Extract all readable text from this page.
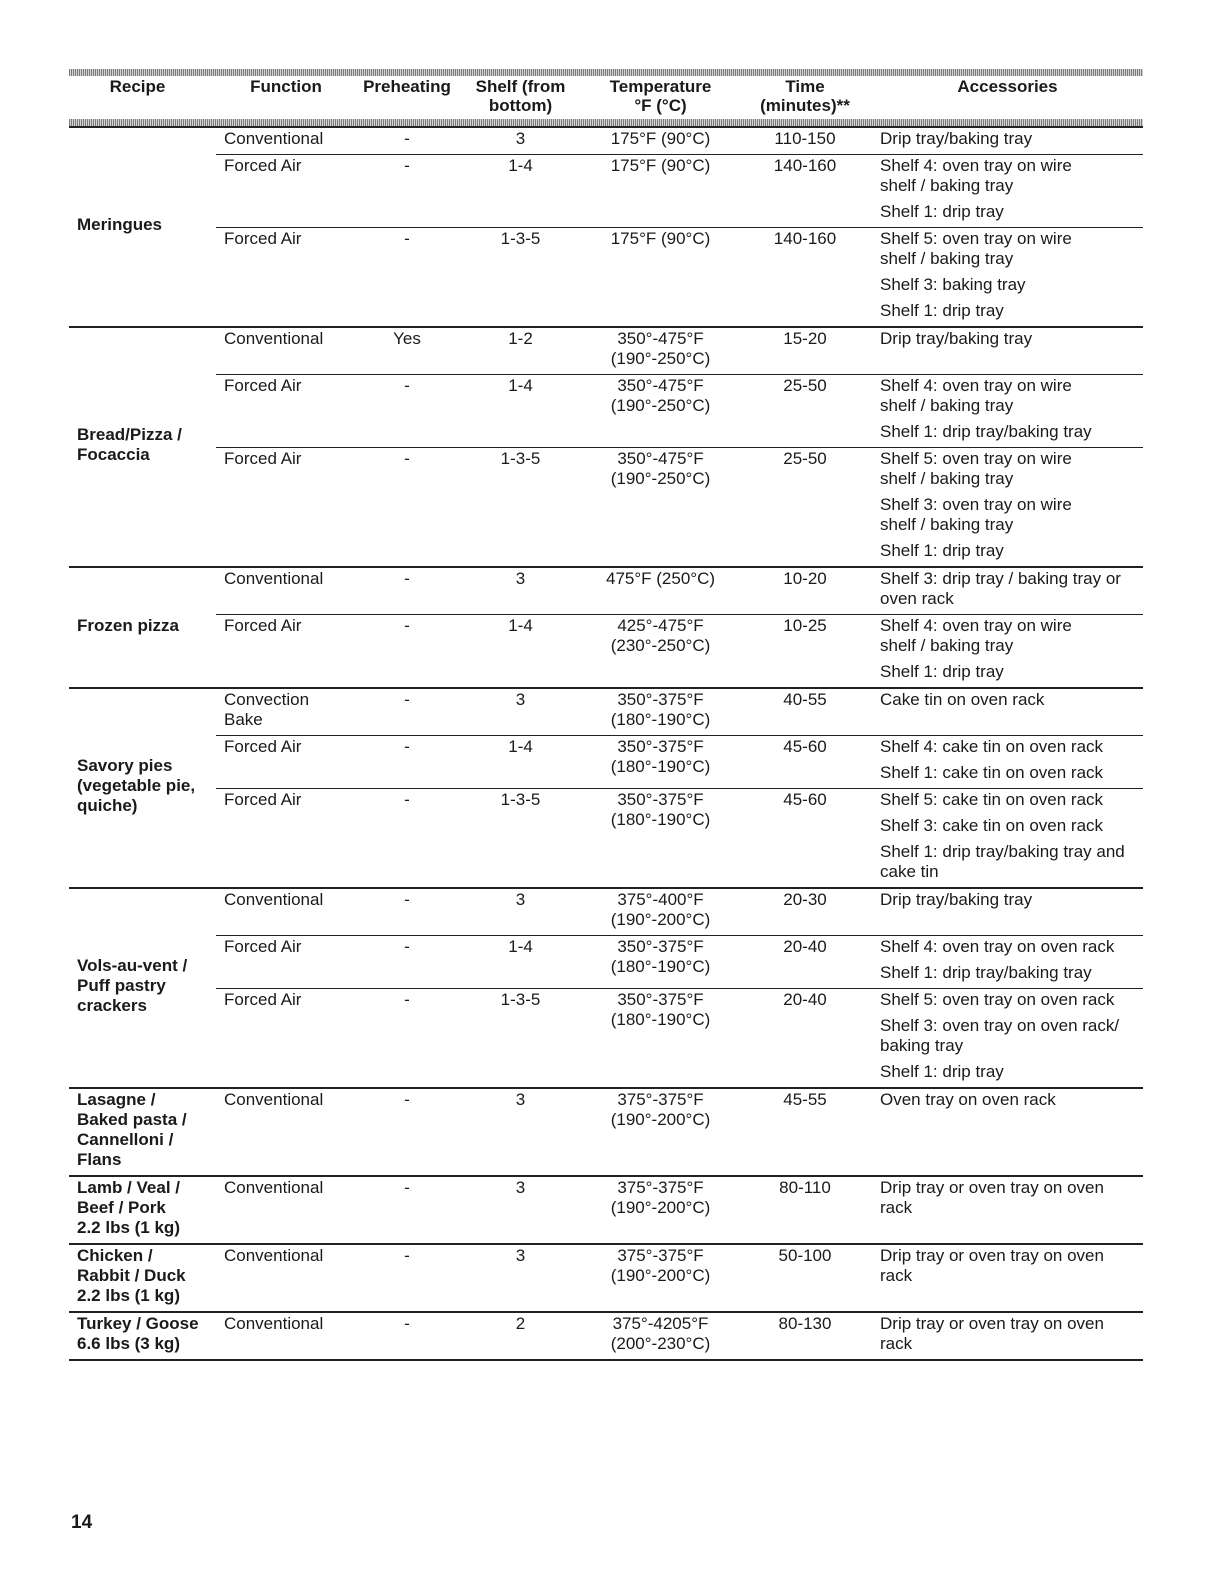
Recipe	Function	Preheating	Shelf (from
bottom)	Temperature
°F (°C)	Time
(minutes)**	Accessories

Meringues	Conventional	-	3	175°F (90°C)	110-150	Drip tray/baking tray

	Forced Air	-	1-4	175°F (90°C)	140-160	Shelf 4: oven tray on wire
shelf / baking tray
Shelf 1: drip tray

	Forced Air	-	1-3-5	175°F (90°C)	140-160	Shelf 5: oven tray on wire
shelf / baking tray
Shelf 3: baking tray
Shelf 1: drip tray

Bread/Pizza /
Focaccia	Conventional	Yes	1-2	350°-475°F
(190°-250°C)	15-20	Drip tray/baking tray

	Forced Air	-	1-4	350°-475°F
(190°-250°C)	25-50	Shelf 4: oven tray on wire
shelf / baking tray
Shelf 1: drip tray/baking tray

	Forced Air	-	1-3-5	350°-475°F
(190°-250°C)	25-50	Shelf 5: oven tray on wire
shelf / baking tray
Shelf 3: oven tray on wire
shelf / baking tray
Shelf 1: drip tray

Frozen pizza	Conventional	-	3	475°F (250°C)	10-20	Shelf 3: drip tray / baking tray or
oven rack

	Forced Air	-	1-4	425°-475°F
(230°-250°C)	10-25	Shelf 4: oven tray on wire
shelf / baking tray
Shelf 1: drip tray

Savory pies
(vegetable pie,
quiche)	Convection
Bake	-	3	350°-375°F
(180°-190°C)	40-55	Cake tin on oven rack

	Forced Air	-	1-4	350°-375°F
(180°-190°C)	45-60	Shelf 4: cake tin on oven rack
Shelf 1: cake tin on oven rack

	Forced Air	-	1-3-5	350°-375°F
(180°-190°C)	45-60	Shelf 5: cake tin on oven rack
Shelf 3: cake tin on oven rack
Shelf 1: drip tray/baking tray and
cake tin

Vols-au-vent /
Puff pastry
crackers	Conventional	-	3	375°-400°F
(190°-200°C)	20-30	Drip tray/baking tray

	Forced Air	-	1-4	350°-375°F
(180°-190°C)	20-40	Shelf 4: oven tray on oven rack
Shelf 1: drip tray/baking tray

	Forced Air	-	1-3-5	350°-375°F
(180°-190°C)	20-40	Shelf 5: oven tray on oven rack
Shelf 3: oven tray on oven rack/
baking tray
Shelf 1: drip tray

Lasagne /
Baked pasta /
Cannelloni /
Flans	Conventional	-	3	375°-375°F
(190°-200°C)	45-55	Oven tray on oven rack

Lamb / Veal /
Beef / Pork
2.2 lbs (1 kg)	Conventional	-	3	375°-375°F
(190°-200°C)	80-110	Drip tray or oven tray on oven
rack

Chicken /
Rabbit / Duck
2.2 lbs (1 kg)	Conventional	-	3	375°-375°F
(190°-200°C)	50-100	Drip tray or oven tray on oven
rack

Turkey / Goose
6.6 lbs (3 kg)	Conventional	-	2	375°-4205°F
(200°-230°C)	80-130	Drip tray or oven tray on oven
rack
14
